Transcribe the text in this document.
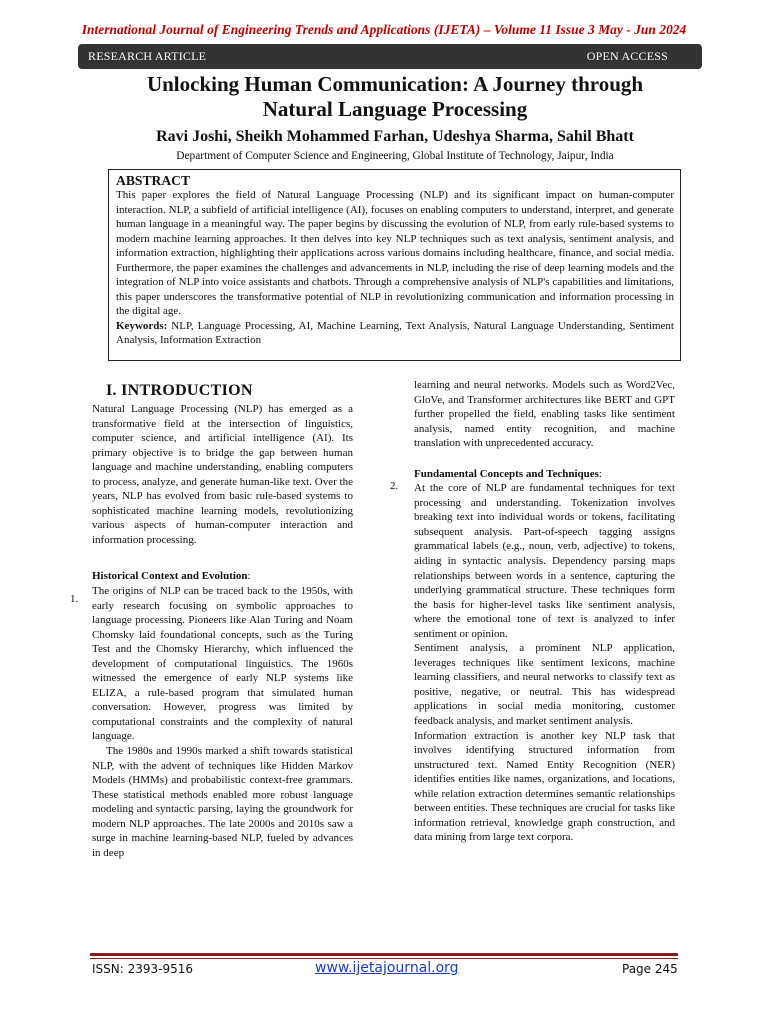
International Journal of Engineering Trends and Applications (IJETA) – Volume 11 Issue 3 May - Jun 2024
RESEARCH ARTICLE	OPEN ACCESS
Unlocking Human Communication: A Journey through
Natural Language Processing
Ravi Joshi, Sheikh Mohammed Farhan, Udeshya Sharma, Sahil Bhatt
Department of Computer Science and Engineering, Global Institute of Technology, Jaipur, India
ABSTRACT

This paper explores the field of Natural Language Processing (NLP) and its significant impact on human-computer interaction. NLP, a subfield of artificial intelligence (AI), focuses on enabling computers to understand, interpret, and generate human language in a meaningful way. The paper begins by discussing the evolution of NLP, from early rule-based systems to modern machine learning approaches. It then delves into key NLP techniques such as text analysis, sentiment analysis, and information extraction, highlighting their applications across various domains including healthcare, finance, and social media. Furthermore, the paper examines the challenges and advancements in NLP, including the rise of deep learning models and the integration of NLP into voice assistants and chatbots. Through a comprehensive analysis of NLP's capabilities and limitations, this paper underscores the transformative potential of NLP in revolutionizing communication and information processing in the digital age.

Keywords: NLP, Language Processing, AI, Machine Learning, Text Analysis, Natural Language Understanding, Sentiment Analysis, Information Extraction

I. INTRODUCTION

Natural Language Processing (NLP) has emerged as a transformative field at the intersection of linguistics, computer science, and artificial intelligence (AI). Its primary objective is to bridge the gap between human language and machine understanding, enabling computers to process, analyze, and generate human-like text. Over the years, NLP has evolved from basic rule-based systems to sophisticated machine learning models, revolutionizing various aspects of human-computer interaction and information processing.

Historical Context and Evolution:

The origins of NLP can be traced back to the 1950s, with early research focusing on symbolic approaches to language processing. Pioneers like Alan Turing and Noam Chomsky laid foundational concepts, such as the Turing Test and the Chomsky Hierarchy, which influenced the development of computational linguistics. The 1960s witnessed the emergence of early NLP systems like ELIZA, a rule-based program that simulated human conversation. However, progress was limited by computational constraints and the complexity of natural language.

The 1980s and 1990s marked a shift towards statistical NLP, with the advent of techniques like Hidden Markov Models (HMMs) and probabilistic context-free grammars. These statistical methods enabled more robust language modeling and syntactic parsing, laying the groundwork for modern NLP approaches. The late 2000s and 2010s saw a surge in machine learning-based NLP, fueled by advances in deep

1.

learning and neural networks. Models such as Word2Vec, GloVe, and Transformer architectures like BERT and GPT further propelled the field, enabling tasks like sentiment analysis, named entity recognition, and machine translation with unprecedented accuracy.

Fundamental Concepts and Techniques:

At the core of NLP are fundamental techniques for text processing and understanding. Tokenization involves breaking text into individual words or tokens, facilitating subsequent analysis. Part-of-speech tagging assigns grammatical labels (e.g., noun, verb, adjective) to tokens, aiding in syntactic analysis. Dependency parsing maps relationships between words in a sentence, capturing the underlying grammatical structure. These techniques form the basis for higher-level tasks like sentiment analysis, where the emotional tone of text is analyzed to infer sentiment or opinion.

Sentiment analysis, a prominent NLP application, leverages techniques like sentiment lexicons, machine learning classifiers, and neural networks to classify text as positive, negative, or neutral. This has widespread applications in social media monitoring, customer feedback analysis, and market sentiment analysis.

Information extraction is another key NLP task that involves identifying structured information from unstructured text. Named Entity Recognition (NER) identifies entities like names, organizations, and locations, while relation extraction determines semantic relationships between entities. These techniques are crucial for tasks like information retrieval, knowledge graph construction, and data mining from large text corpora.

2.
ISSN: 2393-9516	www.ijetajournal.org	Page 245
